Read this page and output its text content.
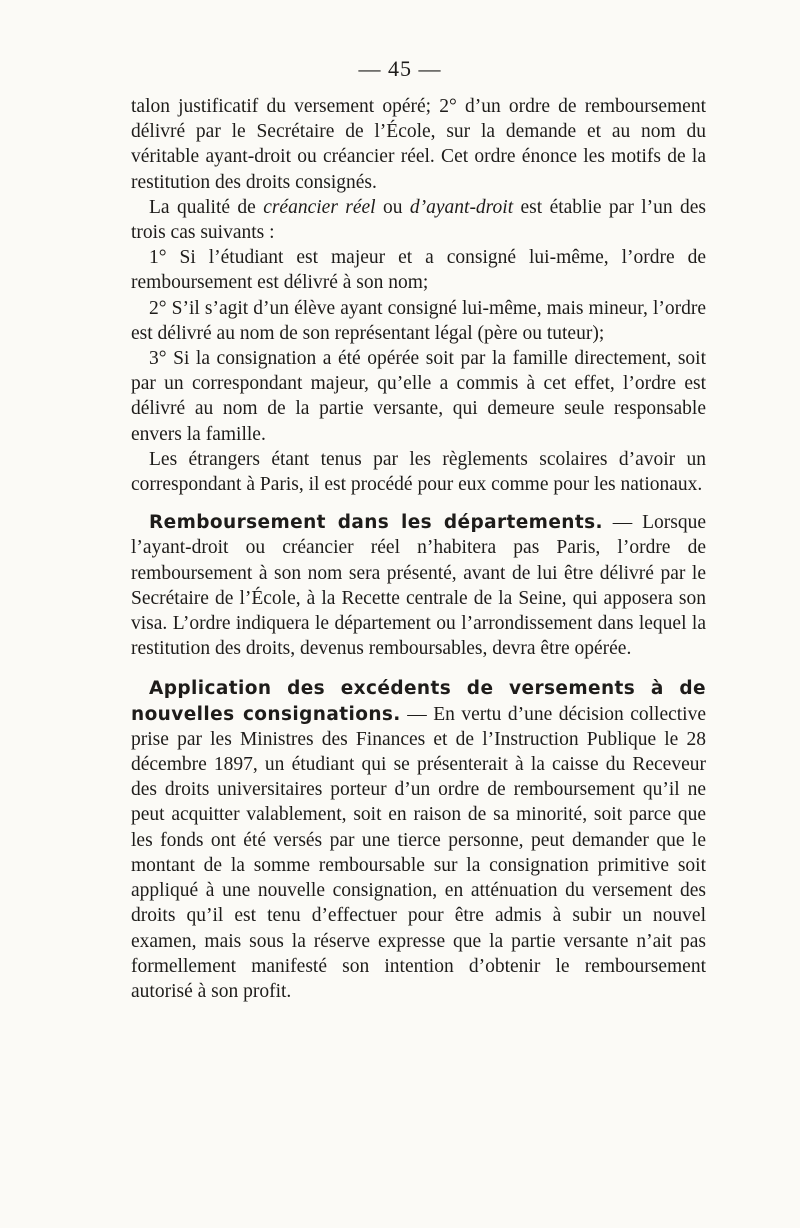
— 45 —

talon justificatif du versement opéré; 2° d’un ordre de remboursement délivré par le Secrétaire de l’École, sur la demande et au nom du véritable ayant-droit ou créancier réel. Cet ordre énonce les motifs de la restitution des droits consignés.

La qualité de créancier réel ou d’ayant-droit est établie par l’un des trois cas suivants :

1° Si l’étudiant est majeur et a consigné lui-même, l’ordre de remboursement est délivré à son nom;

2° S’il s’agit d’un élève ayant consigné lui-même, mais mineur, l’ordre est délivré au nom de son représentant légal (père ou tuteur);

3° Si la consignation a été opérée soit par la famille directement, soit par un correspondant majeur, qu’elle a commis à cet effet, l’ordre est délivré au nom de la partie versante, qui demeure seule responsable envers la famille.

Les étrangers étant tenus par les règlements scolaires d’avoir un correspondant à Paris, il est procédé pour eux comme pour les nationaux.

Remboursement dans les départements. — Lorsque l’ayant-droit ou créancier réel n’habitera pas Paris, l’ordre de remboursement à son nom sera présenté, avant de lui être délivré par le Secrétaire de l’École, à la Recette centrale de la Seine, qui apposera son visa. L’ordre indiquera le département ou l’arrondissement dans lequel la restitution des droits, devenus remboursables, devra être opérée.

Application des excédents de versements à de nouvelles consignations. — En vertu d’une décision collective prise par les Ministres des Finances et de l’Instruction Publique le 28 décembre 1897, un étudiant qui se présenterait à la caisse du Receveur des droits universitaires porteur d’un ordre de remboursement qu’il ne peut acquitter valablement, soit en raison de sa minorité, soit parce que les fonds ont été versés par une tierce personne, peut demander que le montant de la somme remboursable sur la consignation primitive soit appliqué à une nouvelle consignation, en atténuation du versement des droits qu’il est tenu d’effectuer pour être admis à subir un nouvel examen, mais sous la réserve expresse que la partie versante n’ait pas formellement manifesté son intention d’obtenir le remboursement autorisé à son profit.
